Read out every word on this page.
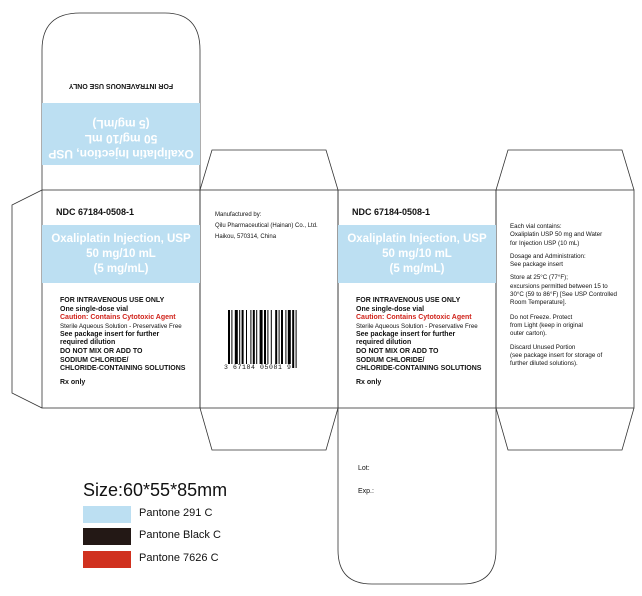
FOR INTRAVENOUS USE ONLY
Oxaliplatin Injection, USP
50 mg/10 mL
(5 mg/mL)
NDC 67184-0508-1
Oxaliplatin Injection, USP
50 mg/10 mL
(5 mg/mL)
FOR INTRAVENOUS USE ONLY
One single-dose vial
Caution: Contains Cytotoxic Agent
Sterile Aqueous Solution - Preservative Free
See package insert for further
required dilution
DO NOT MIX OR ADD TO
SODIUM CHLORIDE/
CHLORIDE-CONTAINING SOLUTIONS
Rx only
Manufactured by:
Qilu Pharmaceutical (Hainan) Co., Ltd.
Haikou, 570314, China
3 67184 05081 9
NDC 67184-0508-1
Oxaliplatin Injection, USP
50 mg/10 mL
(5 mg/mL)
FOR INTRAVENOUS USE ONLY
One single-dose vial
Caution: Contains Cytotoxic Agent
Sterile Aqueous Solution - Preservative Free
See package insert for further
required dilution
DO NOT MIX OR ADD TO
SODIUM CHLORIDE/
CHLORIDE-CONTAINING SOLUTIONS
Rx only
Each vial contains:
Oxaliplatin USP 50 mg and Water
for Injection USP (10 mL)
Dosage and Administration:
See package insert
Store at 25°C (77°F);
excursions permitted between 15 to
30°C (59 to 86°F) [See USP Controlled
Room Temperature].
Do not Freeze. Protect
from Light (keep in original
outer carton).
Discard Unused Portion
(see package insert for storage of
further diluted solutions).
Lot:
Exp.:
Size:60*55*85mm
Pantone 291 C
Pantone Black C
Pantone 7626 C
